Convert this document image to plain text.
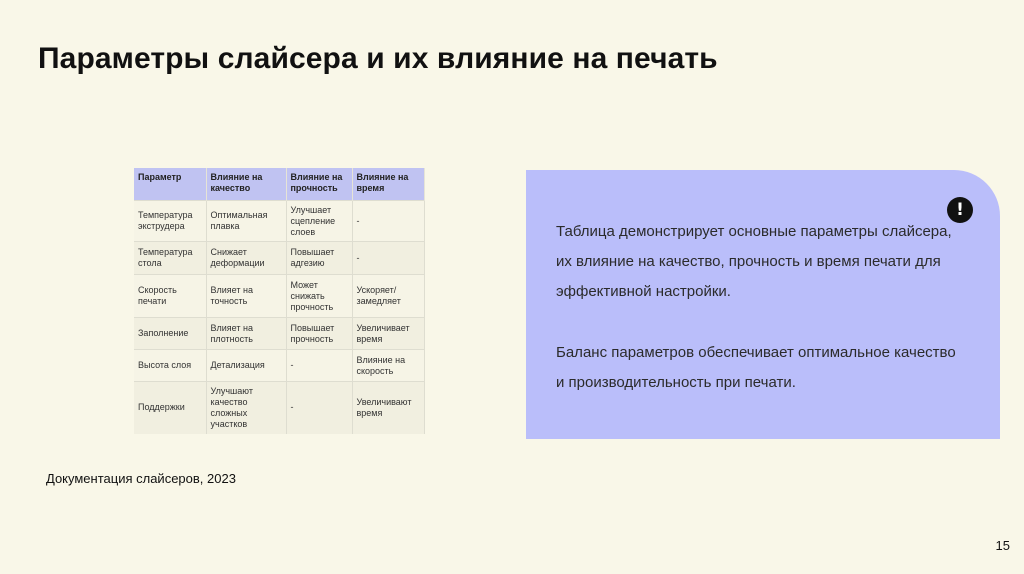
Параметры слайсера и их влияние на печать
Параметр	Влияние на качество	Влияние на прочность	Влияние на время
Температура экструдера	Оптимальная плавка	Улучшает сцепление слоев	-
Температура стола	Снижает деформации	Повышает адгезию	-
Скорость печати	Влияет на точность	Может снижать прочность	Ускоряет/ замедляет
Заполнение	Влияет на плотность	Повышает прочность	Увеличивает время
Высота слоя	Детализация	-	Влияние на скорость
Поддержки	Улучшают качество сложных участков	-	Увеличивают время
!

Таблица демонстрирует основные параметры слайсера, их влияние на качество, прочность и время печати для эффективной настройки.

Баланс параметров обеспечивает оптимальное качество и производительность при печати.

Документация слайсеров, 2023
15
